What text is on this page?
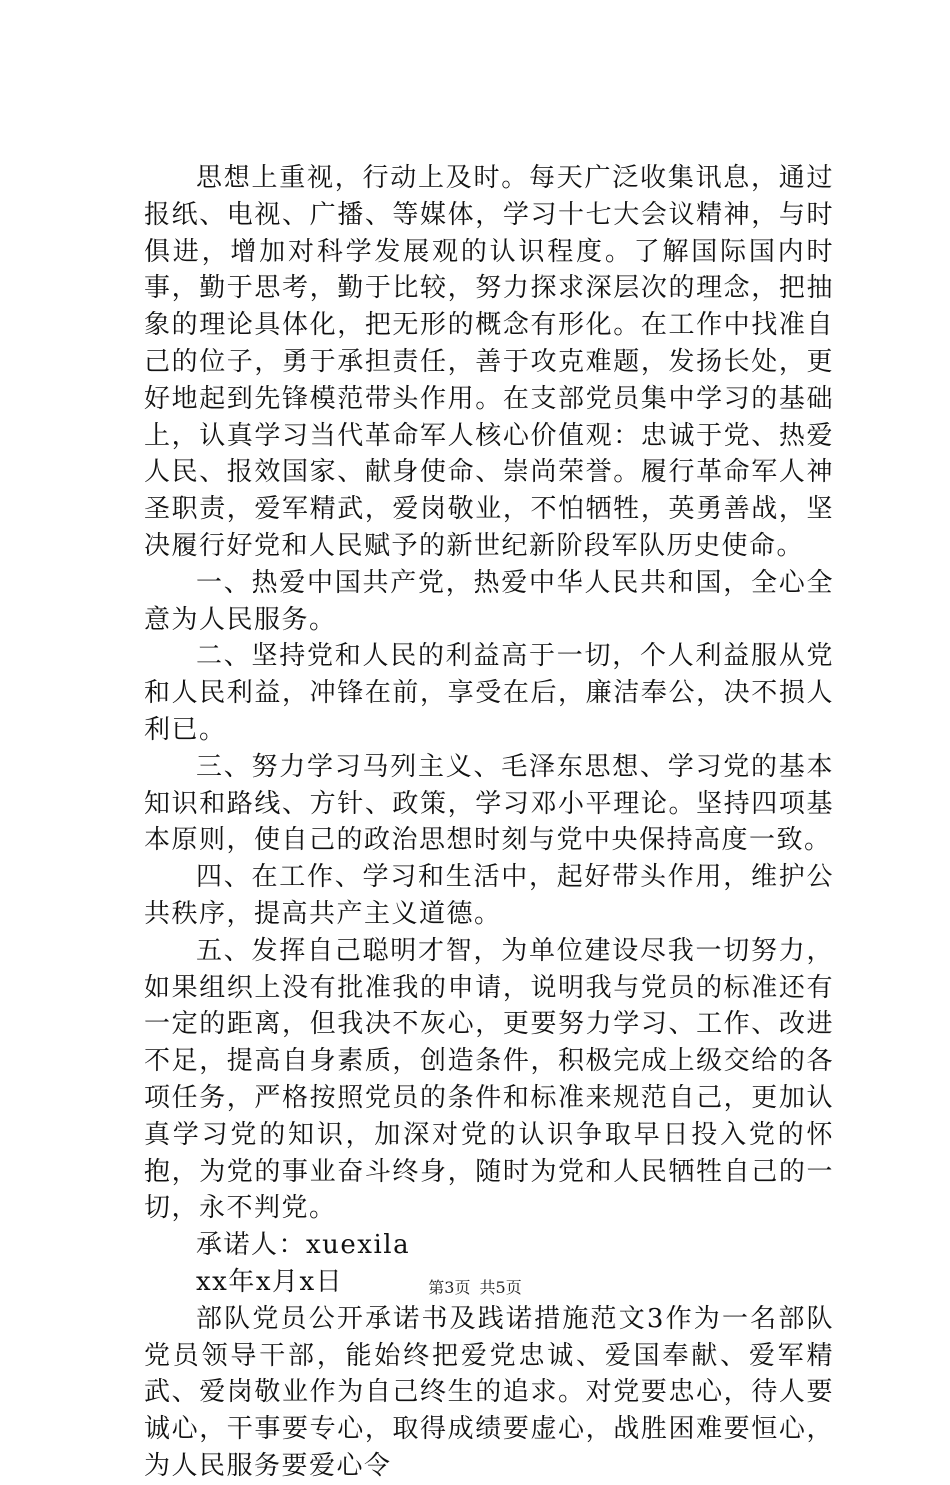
思想上重视，行动上及时。每天广泛收集讯息，通过报纸、电视、广播、等媒体，学习十七大会议精神，与时俱进，增加对科学发展观的认识程度。了解国际国内时事，勤于思考，勤于比较，努力探求深层次的理念，把抽象的理论具体化，把无形的概念有形化。在工作中找准自己的位子，勇于承担责任，善于攻克难题，发扬长处，更好地起到先锋模范带头作用。在支部党员集中学习的基础上，认真学习当代革命军人核心价值观：忠诚于党、热爱人民、报效国家、献身使命、崇尚荣誉。履行革命军人神圣职责，爱军精武，爱岗敬业，不怕牺牲，英勇善战，坚决履行好党和人民赋予的新世纪新阶段军队历史使命。

一、热爱中国共产党，热爱中华人民共和国，全心全意为人民服务。

二、坚持党和人民的利益高于一切，个人利益服从党和人民利益，冲锋在前，享受在后，廉洁奉公，决不损人利已。

三、努力学习马列主义、毛泽东思想、学习党的基本知识和路线、方针、政策，学习邓小平理论。坚持四项基本原则，使自己的政治思想时刻与党中央保持高度一致。

四、在工作、学习和生活中，起好带头作用，维护公共秩序，提高共产主义道德。

五、发挥自己聪明才智，为单位建设尽我一切努力，如果组织上没有批准我的申请，说明我与党员的标准还有一定的距离，但我决不灰心，更要努力学习、工作、改进不足，提高自身素质，创造条件，积极完成上级交给的各项任务，严格按照党员的条件和标准来规范自己，更加认真学习党的知识，加深对党的认识争取早日投入党的怀抱，为党的事业奋斗终身，随时为党和人民牺牲自己的一切，永不判党。

承诺人：xuexila

xx年x月x日

部队党员公开承诺书及践诺措施范文3作为一名部队党员领导干部，能始终把爱党忠诚、爱国奉献、爱军精武、爱岗敬业作为自己终生的追求。对党要忠心，待人要诚心，干事要专心，取得成绩要虚心，战胜困难要恒心，为人民服务要爱心令

第3页 共5页
